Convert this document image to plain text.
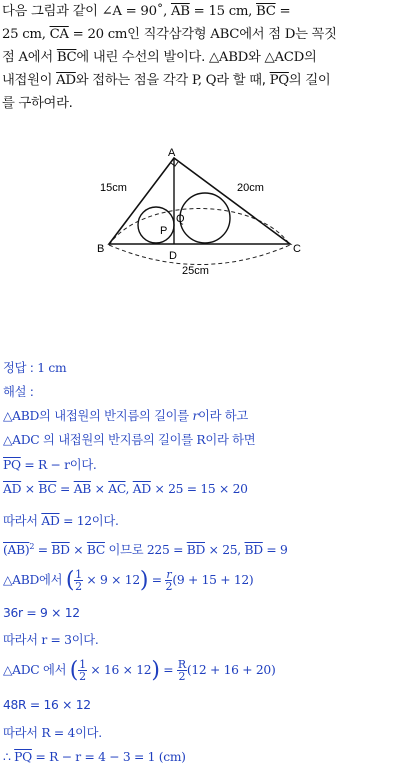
다음 그림과 같이 ∠A = 90˚, $\overline{AB} = 15$ cm, $\overline{BC}$ =

25 cm, $\overline{CA} = 20$ cm인 직각삼각형 ABC에서 점 D는 꼭짓

점 A에서 $\overline{BC}$에 내린 수선의 발이다. △ABD와 △ACD의

내접원이 $\overline{AD}$와 접하는 점을 각각 P, Q라 할 때, $\overline{PQ}$의 길이

를 구하여라.

A
B	C
D
P
Q
15cm	20cm
25cm
정답 : 1 cm
해설 :
△ABD의 내접원의 반지름의 길이를 r이라 하고
△ADC 의 내접원의 반지름의 길이를 R이라 하면
$\overline{PQ} = R - r$이다.
$\overline{AD} \times \overline{BC} = \overline{AB} \times \overline{AC}$, $\overline{AD} \times 25 = 15 \times 20$
따라서 $\overline{AD} = 12$이다.
$(AB)^2 = \overline{BD} \times \overline{BC}$ 이므로 $225 = \overline{BD} \times 25$, $\overline{BD} = 9$
△ABD에서 ( $\frac{1}{2} \times 9 \times 12) = \frac{r}{2} (9 + 15 + 12)$
36r = 9 × 12
따라서 r = 3이다.
△ADC 에서 ( $\frac{1}{2} \times 16 \times 12) = \frac{R}{2} (12 + 16 + 20)$
48R = 16 × 12
따라서 R = 4이다.
∴ $\overline{PQ} = R - r = 4 - 3 = 1$ (cm)
